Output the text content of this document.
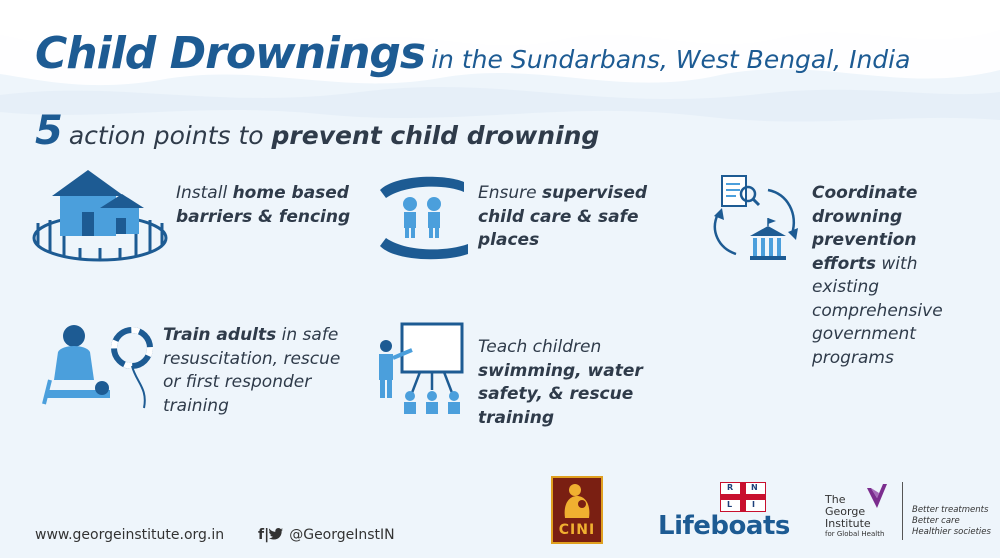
Child Drownings in the Sundarbans, West Bengal, India
5 action points to prevent child drowning
Install home based barriers & fencing
Ensure supervised child care & safe places
Coordinate drowning prevention efforts with existing comprehensive government programs
Train adults in safe resuscitation, rescue or first responder training
Teach children swimming, water safety, & rescue training
www.georgeinstitute.org.in f| @GeorgeInstIN	CINI
R N
L I
Lifeboats
The
George
Institute
for Global Health
Better treatments
Better care
Healthier societies
